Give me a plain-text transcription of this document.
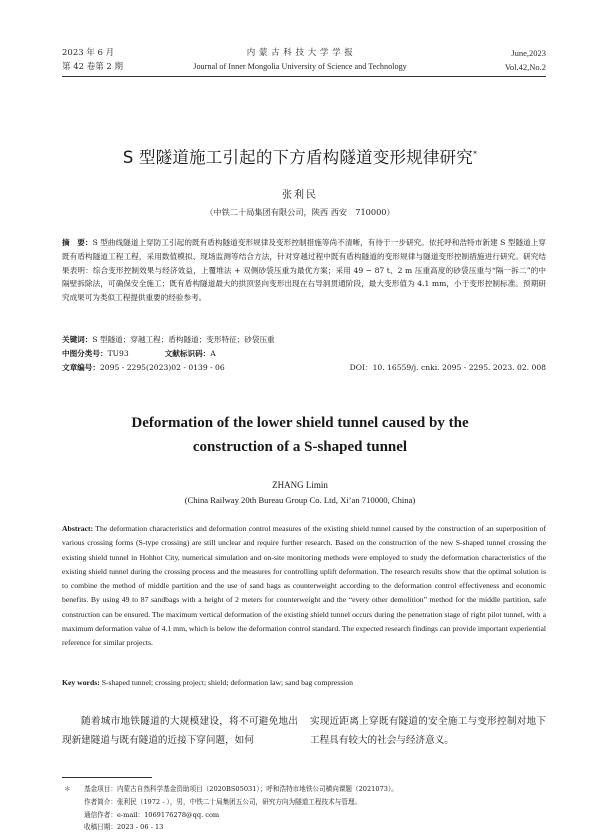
2023 年 6 月
第 42 卷第 2 期
内 蒙 古 科 技 大 学 学 报
Journal of Inner Mongolia University of Science and Technology
June,2023
Vol.42,No.2
S 型隧道施工引起的下方盾构隧道变形规律研究*
张利民
（中铁二十局集团有限公司，陕西 西安　710000）
摘　要：S 型曲线隧道上穿防工引起的既有盾构隧道变形规律及变形控制措施等尚不清晰，有待于一步研究。依托呼和浩特市新建 S 型隧道上穿既有盾构隧道工程工程，采用数值模拟、现场监测等结合方法，针对穿越过程中既有盾构隧道的变形规律与隧道变形控制措施进行研究。研究结果表明：综合变形控制效果与经济效益，上覆堆法 + 双侧砂袋压重为最优方案；采用 49 ~ 87 t、2 m 压重高度的砂袋压重与“隔一拆二”的中隔壁拆除法，可确保安全施工；既有盾构隧道最大的拱顶竖向变形出现在右导洞贯通阶段，最大变形值为 4.1 mm，小于变形控制标准。预期研究成果可为类似工程提供重要的经验参考。
关键词：S 型隧道；穿越工程；盾构隧道；变形特征；砂袋压重
中图分类号：TU93	文献标识码：A
文章编号：2095 - 2295(2023)02 - 0139 - 06	DOI：10. 16559/j. cnki. 2095 - 2295. 2023. 02. 008
Deformation of the lower shield tunnel caused by the
construction of a S-shaped tunnel
ZHANG Limin
(China Railway 20th Bureau Group Co. Ltd, Xi’an 710000, China)
Abstract: The deformation characteristics and deformation control measures of the existing shield tunnel caused by the construction of an superposition of various crossing forms (S-type crossing) are still unclear and require further research. Based on the construction of the new S-shaped tunnel crossing the existing shield tunnel in Hohhot City, numerical simulation and on-site monitoring methods were employed to study the deformation characteristics of the existing shield tunnel during the crossing process and the measures for controlling uplift deformation. The research results show that the optimal solution is to combine the method of middle partition and the use of sand bags as counterweight according to the deformation control effectiveness and economic benefits. By using 49 to 87 sandbags with a height of 2 meters for counterweight and the “every other demolition” method for the middle partition, safe construction can be ensured. The maximum vertical deformation of the existing shield tunnel occurs during the penetration stage of right pilot tunnel, with a maximum deformation value of 4.1 mm, which is below the deformation control standard. The expected research findings can provide important experiential reference for similar projects.
Key words: S-shaped tunnel; crossing project; shield; deformation law; sand bag compression
随着城市地铁隧道的大规模建设，将不可避免地出现新建隧道与既有隧道的近接下穿问题，如何
实现近距离上穿既有隧道的安全施工与变形控制对地下工程具有较大的社会与经济意义。
＊	基金项目：内蒙古自然科学基金资助项目（2020BS05031）；呼和浩特市地铁公司横向课题（2021073）。
作者简介：张利民（1972 - ），男，中铁二十局集团五公司，研究方向为隧道工程技术与管理。
通信作者：e-mail：1069176278@qq. com
收稿日期：2023 - 06 - 13
